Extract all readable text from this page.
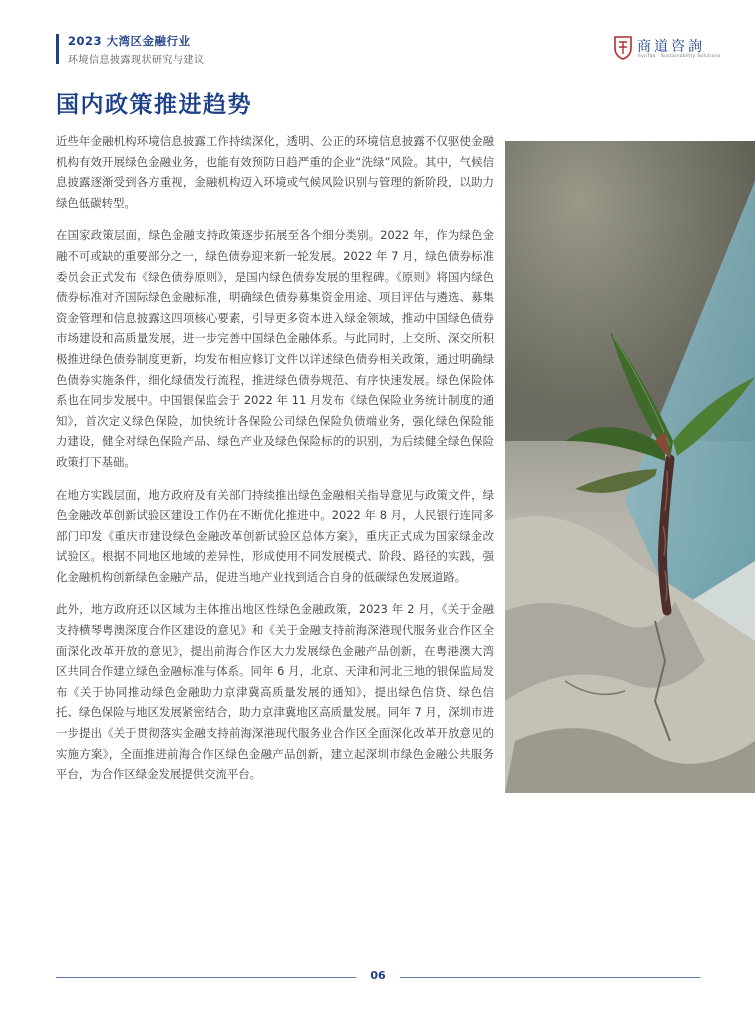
2023 大湾区金融行业
环境信息披露现状研究与建议
商道咨詢
SynTao · Sustainability Solutions
国内政策推进趋势

近些年金融机构环境信息披露工作持续深化，透明、公正的环境信息披露不仅驱使金融机构有效开展绿色金融业务，也能有效预防日趋严重的企业“洗绿”风险。其中，气候信息披露逐渐受到各方重视，金融机构迈入环境或气候风险识别与管理的新阶段，以助力绿色低碳转型。

在国家政策层面，绿色金融支持政策逐步拓展至各个细分类别。2022 年，作为绿色金融不可或缺的重要部分之一，绿色债券迎来新一轮发展。2022 年 7 月，绿色债券标准委员会正式发布《绿色债券原则》，是国内绿色债券发展的里程碑。《原则》将国内绿色债券标准对齐国际绿色金融标准，明确绿色债券募集资金用途、项目评估与遴选、募集资金管理和信息披露这四项核心要素，引导更多资本进入绿金领域，推动中国绿色债券市场建设和高质量发展，进一步完善中国绿色金融体系。与此同时，上交所、深交所积极推进绿色债券制度更新，均发布相应修订文件以详述绿色债券相关政策，通过明确绿色债券实施条件，细化绿债发行流程，推进绿色债券规范、有序快速发展。绿色保险体系也在同步发展中。中国银保监会于 2022 年 11 月发布《绿色保险业务统计制度的通知》，首次定义绿色保险，加快统计各保险公司绿色保险负债端业务，强化绿色保险能力建设，健全对绿色保险产品、绿色产业及绿色保险标的的识别，为后续健全绿色保险政策打下基础。

在地方实践层面，地方政府及有关部门持续推出绿色金融相关指导意见与政策文件，绿色金融改革创新试验区建设工作仍在不断优化推进中。2022 年 8 月，人民银行连同多部门印发《重庆市建设绿色金融改革创新试验区总体方案》，重庆正式成为国家绿金改试验区。根据不同地区地域的差异性，形成使用不同发展模式、阶段、路径的实践，强化金融机构创新绿色金融产品，促进当地产业找到适合自身的低碳绿色发展道路。

此外，地方政府还以区域为主体推出地区性绿色金融政策，2023 年 2 月，《关于金融支持横琴粤澳深度合作区建设的意见》和《关于金融支持前海深港现代服务业合作区全面深化改革开放的意见》，提出前海合作区大力发展绿色金融产品创新，在粤港澳大湾区共同合作建立绿色金融标准与体系。同年 6 月，北京、天津和河北三地的银保监局发布《关于协同推动绿色金融助力京津冀高质量发展的通知》，提出绿色信贷、绿色信托、绿色保险与地区发展紧密结合，助力京津冀地区高质量发展。同年 7 月，深圳市进一步提出《关于贯彻落实金融支持前海深港现代服务业合作区全面深化改革开放意见的实施方案》，全面推进前海合作区绿色金融产品创新，建立起深圳市绿色金融公共服务平台，为合作区绿金发展提供交流平台。

06
